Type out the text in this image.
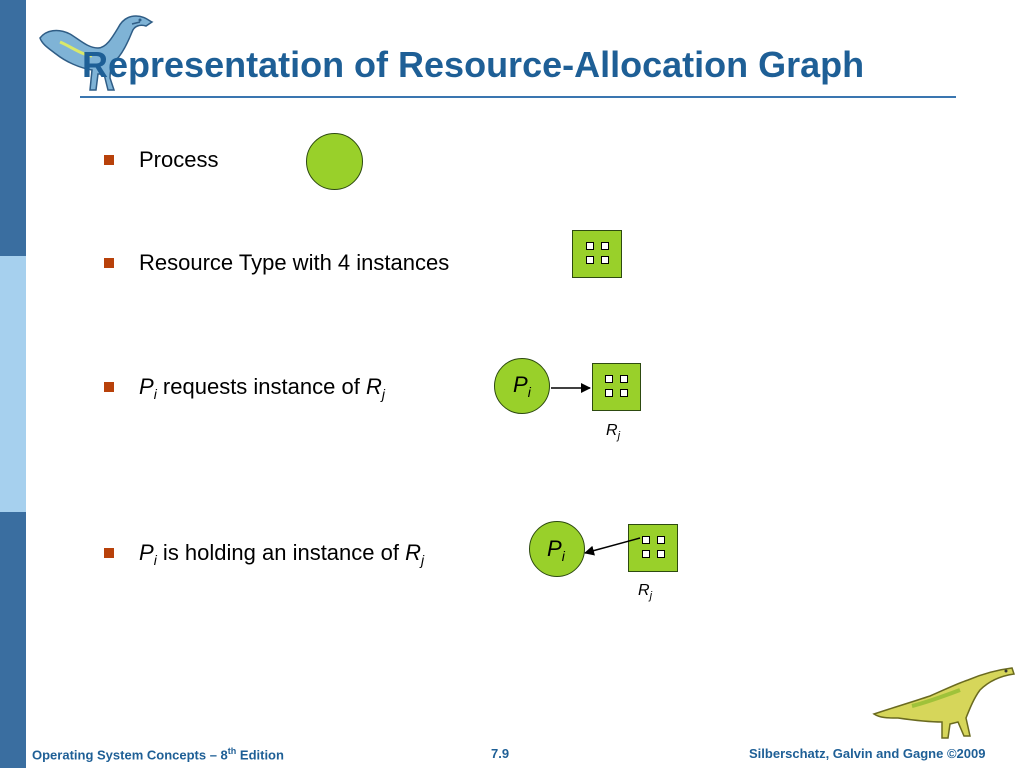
Representation of Resource-Allocation Graph
Process
Resource Type with 4 instances
$P_i$ requests instance of $R_j$	$P_i$
$R_j$
$P_i$ is holding an instance of $R_j$	$P_i$
$R_j$
Operating System Concepts – 8th Edition	7.9	Silberschatz, Galvin and Gagne ©2009
